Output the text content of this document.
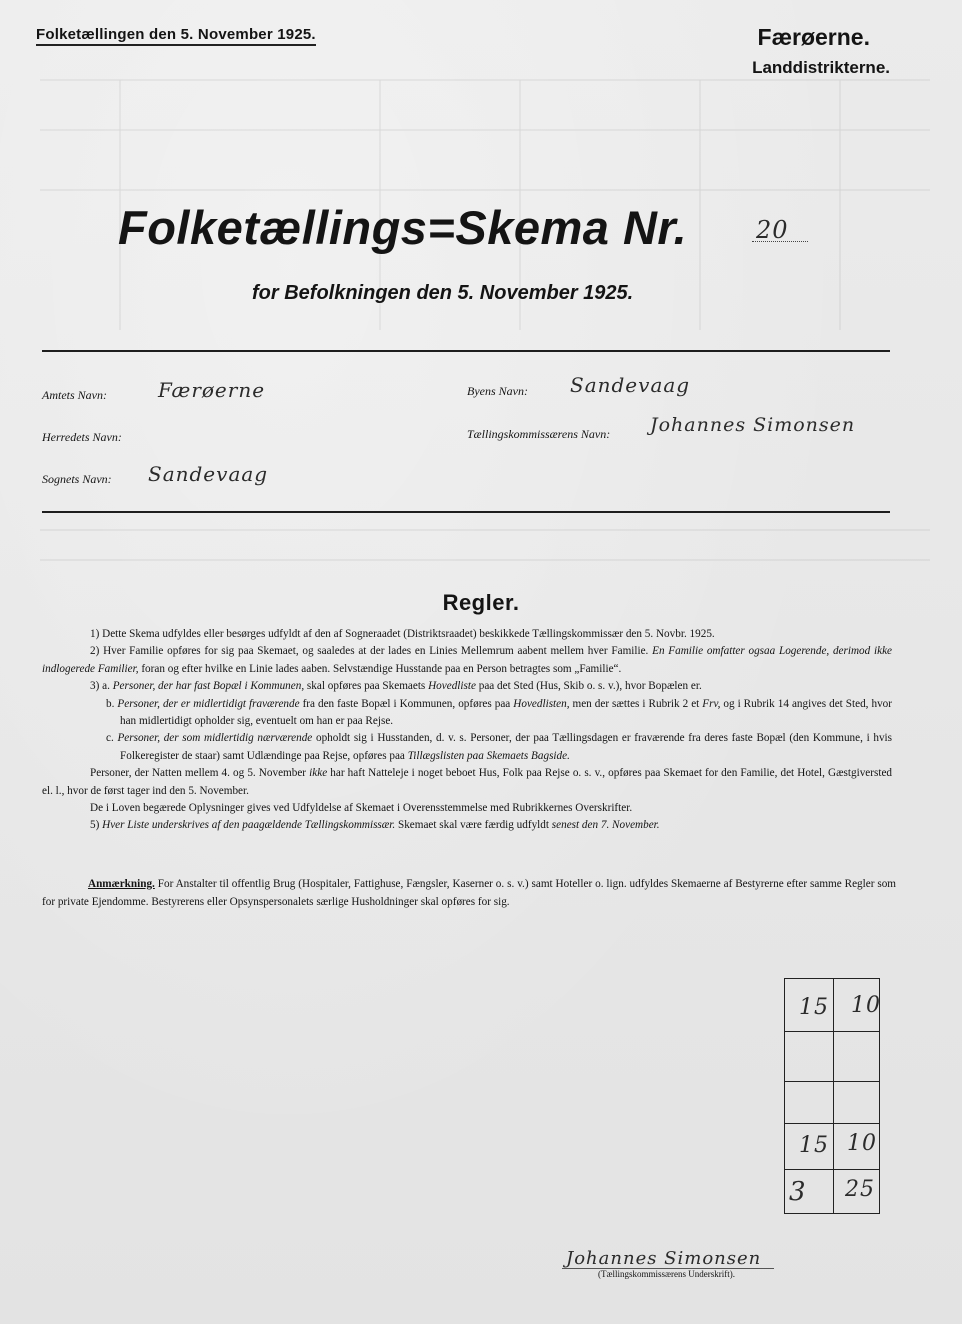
Folketællingen den 5. November 1925.	Færøerne.
Landdistrikterne.
Folketællings=Skema Nr.	20
for Befolkningen den 5. November 1925.
Amtets Navn:	Færøerne
Herredets Navn:
Sognets Navn: Sandevaag
Byens Navn: Sandevaag
Tællingskommissærens Navn: Johannes Simonsen
Regler.

1) Dette Skema udfyldes eller besørges udfyldt af den af Sogneraadet (Distriktsraadet) beskikkede Tællingskommissær den 5. Novbr. 1925.

2) Hver Familie opføres for sig paa Skemaet, og saaledes at der lades en Linies Mellemrum aabent mellem hver Familie. En Familie omfatter ogsaa Logerende, derimod ikke indlogerede Familier, foran og efter hvilke en Linie lades aaben. Selvstændige Husstande paa en Person betragtes som „Familie“.

3) a. Personer, der har fast Bopæl i Kommunen, skal opføres paa Skemaets Hovedliste paa det Sted (Hus, Skib o. s. v.), hvor Bopælen er.

b. Personer, der er midlertidigt fraværende fra den faste Bopæl i Kommunen, opføres paa Hovedlisten, men der sættes i Rubrik 2 et Frv, og i Rubrik 14 angives det Sted, hvor han midlertidigt opholder sig, eventuelt om han er paa Rejse.

c. Personer, der som midlertidig nærværende opholdt sig i Husstanden, d. v. s. Personer, der paa Tællingsdagen er fraværende fra deres faste Bopæl (den Kommune, i hvis Folkeregister de staar) samt Udlændinge paa Rejse, opføres paa Tillægslisten paa Skemaets Bagside.

Personer, der Natten mellem 4. og 5. November ikke har haft Natteleje i noget beboet Hus, Folk paa Rejse o. s. v., opføres paa Skemaet for den Familie, det Hotel, Gæstgiversted el. l., hvor de først tager ind den 5. November.

De i Loven begærede Oplysninger gives ved Udfyldelse af Skemaet i Overensstemmelse med Rubrikkernes Overskrifter.

5) Hver Liste underskrives af den paagældende Tællingskommissær. Skemaet skal være færdig udfyldt senest den 7. November.

Anmærkning. For Anstalter til offentlig Brug (Hospitaler, Fattighuse, Fængsler, Kaserner o. s. v.) samt Hoteller o. lign. udfyldes Skemaerne af Bestyrerne efter samme Regler som for private Ejendomme. Bestyrerens eller Opsynspersonalets særlige Husholdninger skal opføres for sig.

15 10
15 10
3 25
Johannes Simonsen
(Tællingskommissærens Underskrift).
